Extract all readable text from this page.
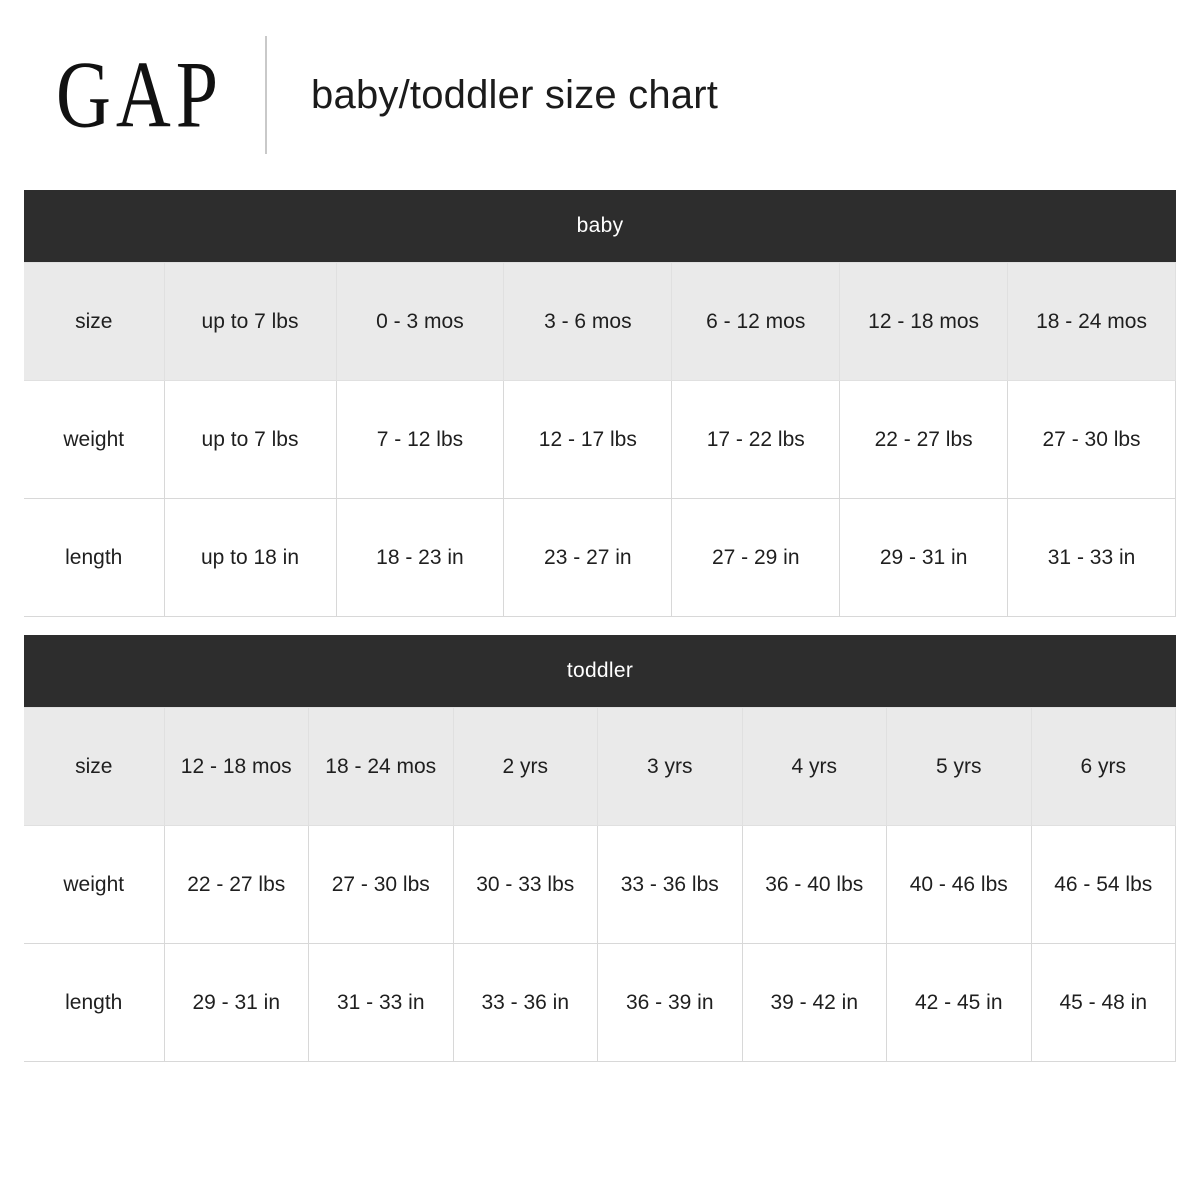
GAP	baby/toddler size chart
baby
size	up to 7 lbs	0 - 3 mos	3 - 6 mos	6 - 12 mos	12 - 18 mos	18 - 24 mos
weight	up to 7 lbs	7 - 12 lbs	12 - 17 lbs	17 - 22 lbs	22 - 27 lbs	27 - 30 lbs
length	up to 18 in	18 - 23 in	23 - 27 in	27 - 29 in	29 - 31 in	31 - 33 in
toddler
size	12 - 18 mos	18 - 24 mos	2 yrs	3 yrs	4 yrs	5 yrs	6 yrs
weight	22 - 27 lbs	27 - 30 lbs	30 - 33 lbs	33 - 36 lbs	36 - 40 lbs	40 - 46 lbs	46 - 54 lbs
length	29 - 31 in	31 - 33 in	33 - 36 in	36 - 39 in	39 - 42 in	42 - 45 in	45 - 48 in
